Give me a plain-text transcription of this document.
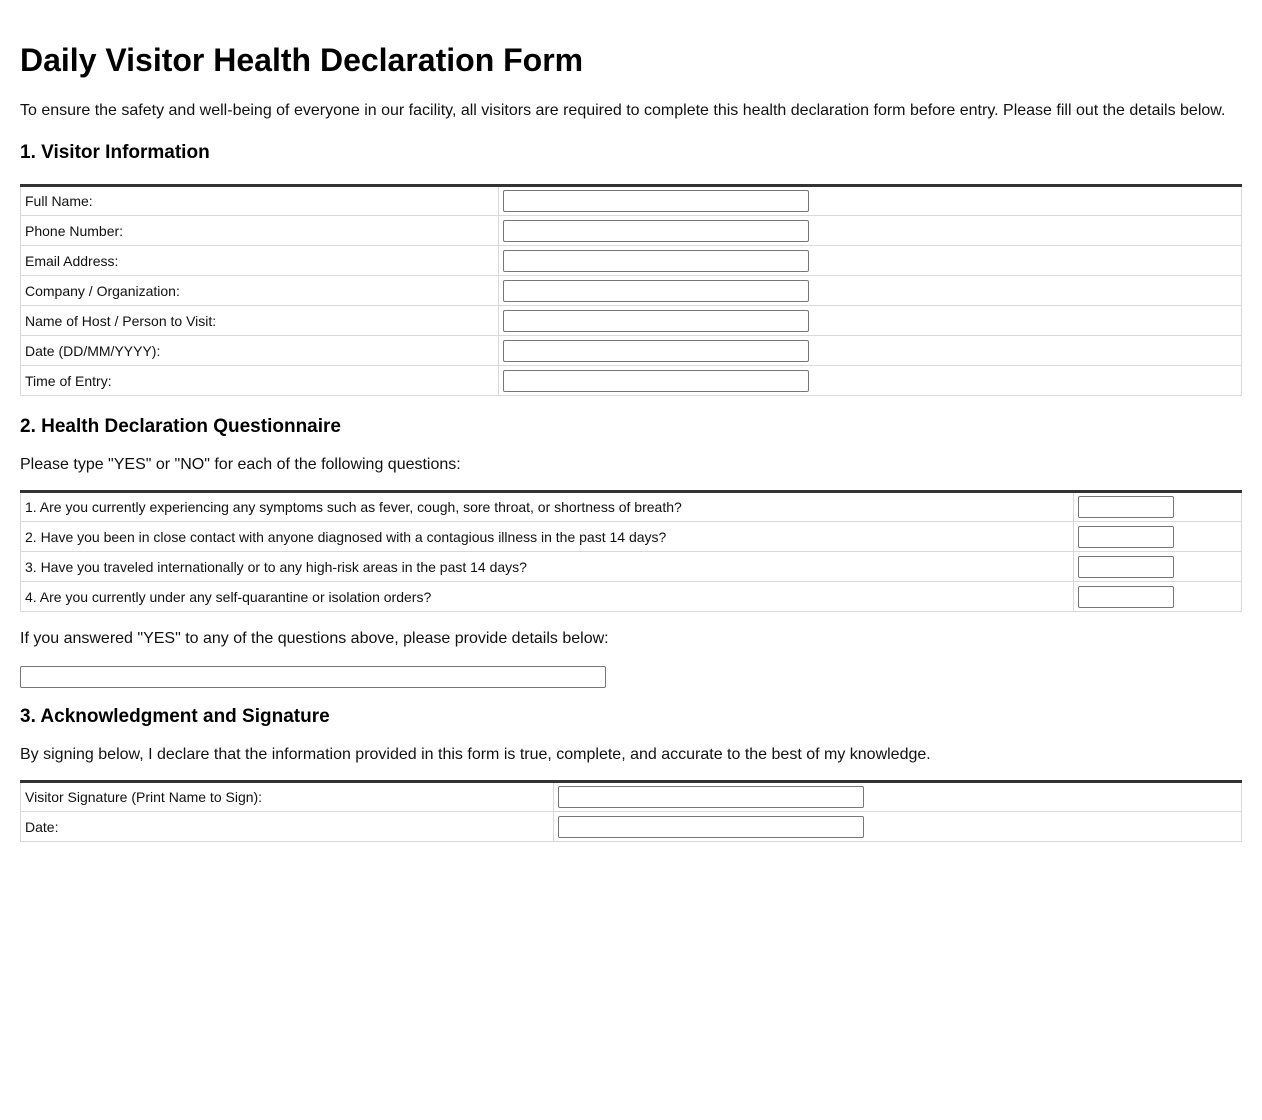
Daily Visitor Health Declaration Form

To ensure the safety and well-being of everyone in our facility, all visitors are required to complete this health declaration form before entry. Please fill out the details below.

1. Visitor Information
Full Name:	

Phone Number:	

Email Address:	

Company / Organization:	

Name of Host / Person to Visit:	

Date (DD/MM/YYYY):	

Time of Entry:	
2. Health Declaration Questionnaire

Please type "YES" or "NO" for each of the following questions:

1. Are you currently experiencing any symptoms such as fever, cough, sore throat, or shortness of breath?	

2. Have you been in close contact with anyone diagnosed with a contagious illness in the past 14 days?	

3. Have you traveled internationally or to any high-risk areas in the past 14 days?	

4. Are you currently under any self-quarantine or isolation orders?	

If you answered "YES" to any of the questions above, please provide details below:

3. Acknowledgment and Signature

By signing below, I declare that the information provided in this form is true, complete, and accurate to the best of my knowledge.

Visitor Signature (Print Name to Sign):	

Date:	
